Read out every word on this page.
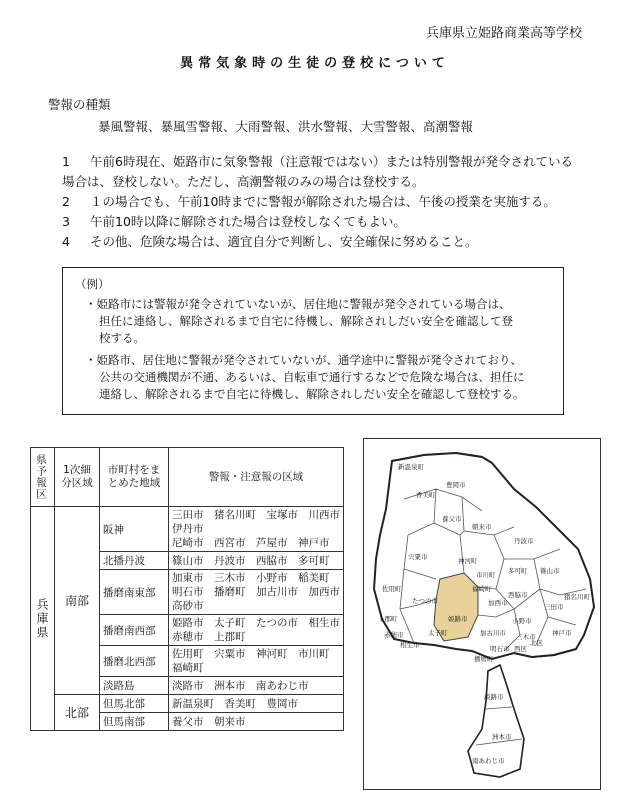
兵庫県立姫路商業高等学校
異常気象時の生徒の登校について
警報の種類
暴風警報、暴風雪警報、大雨警報、洪水警報、大雪警報、高潮警報
1	午前6時現在、姫路市に気象警報（注意報ではない）または特別警報が発令されている
場合は、登校しない。ただし、高潮警報のみの場合は登校する。
2	１の場合でも、午前10時までに警報が解除された場合は、午後の授業を実施する。
3	午前10時以降に解除された場合は登校しなくてもよい。
4	その他、危険な場合は、適宜自分で判断し、安全確保に努めること。
（例）
・姫路市には警報が発令されていないが、居住地に警報が発令されている場合は、
担任に連絡し、解除されるまで自宅に待機し、解除されしだい安全を確認して登
校する。
・姫路市、居住地に警報が発令されていないが、通学途中に警報が発令されており、
公共の交通機関が不通、あるいは、自転車で通行するなどで危険な場合は、担任に
連絡し、解除されるまで自宅に待機し、解除されしだい安全を確認して登校する。
県予報区	1次細分区域	市町村をまとめた地域	警報・注意報の区域

兵庫県	南部	阪神	三田市　猪名川町　宝塚市　川西市
伊丹市
尼崎市　西宮市　芦屋市　神戸市

		北播丹波	篠山市　丹波市　西脇市　多可町

		播磨南東部	加東市　三木市　小野市　稲美町
明石市　播磨町　加古川市　加西市
高砂市

		播磨南西部	姫路市　太子町　たつの市　相生市
赤穂市　上郡町

		播磨北西部	佐用町　宍粟市　神河町　市川町
福崎町

		淡路島	淡路市　洲本市　南あわじ市

	北部	但馬北部	新温泉町　香美町　豊岡市

		但馬南部	養父市　朝来市
新温泉町
豊岡市
香美町
養父市
朝来市
宍粟市	神河町
丹波市
市川町	篠山市
佐用町	福崎町
たつの市
多可町
西脇市
加西市
上郡町	姫路市	小野市
三田市
猪名川町
神戸市
赤穂市
相生市
太子町	加古川市 三木市
明石市
播磨町
北区
西区
淡路市
洲本市
南あわじ市
